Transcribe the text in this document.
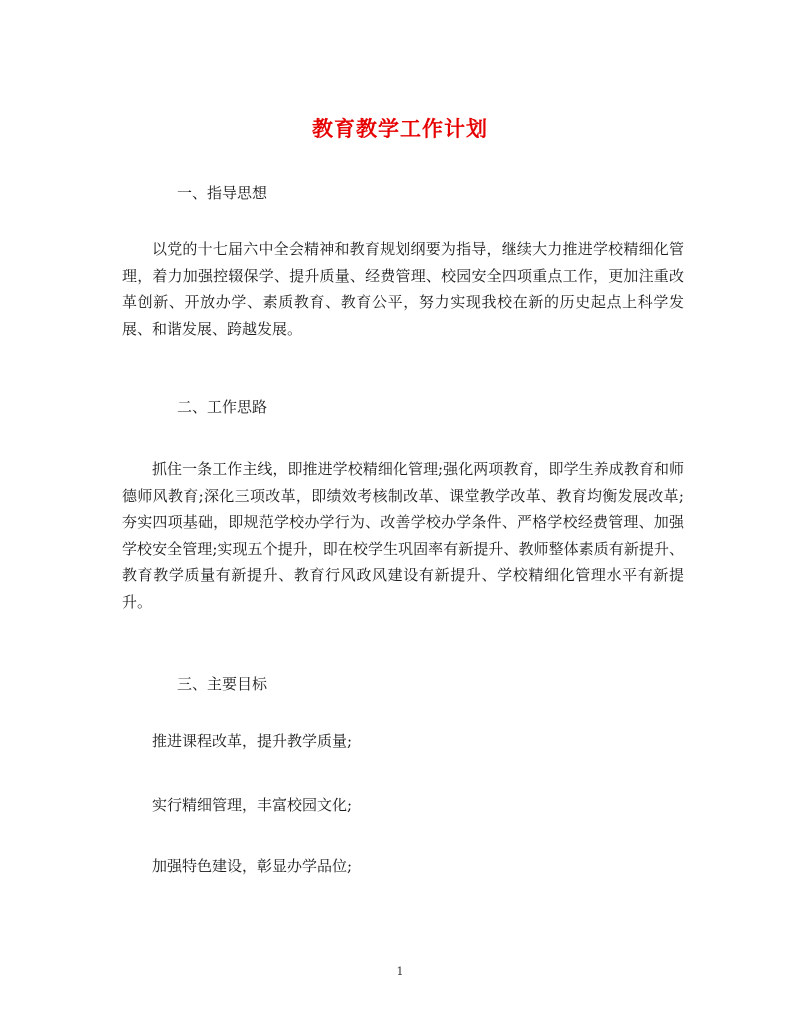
教育教学工作计划
一、指导思想
以党的十七届六中全会精神和教育规划纲要为指导，继续大力推进学校精细化管理，着力加强控辍保学、提升质量、经费管理、校园安全四项重点工作，更加注重改革创新、开放办学、素质教育、教育公平，努力实现我校在新的历史起点上科学发展、和谐发展、跨越发展。
二、工作思路
抓住一条工作主线，即推进学校精细化管理;强化两项教育，即学生养成教育和师德师风教育;深化三项改革，即绩效考核制改革、课堂教学改革、教育均衡发展改革;夯实四项基础，即规范学校办学行为、改善学校办学条件、严格学校经费管理、加强学校安全管理;实现五个提升，即在校学生巩固率有新提升、教师整体素质有新提升、教育教学质量有新提升、教育行风政风建设有新提升、学校精细化管理水平有新提升。
三、主要目标
推进课程改革，提升教学质量;
实行精细管理，丰富校园文化;
加强特色建设，彰显办学品位;
1
